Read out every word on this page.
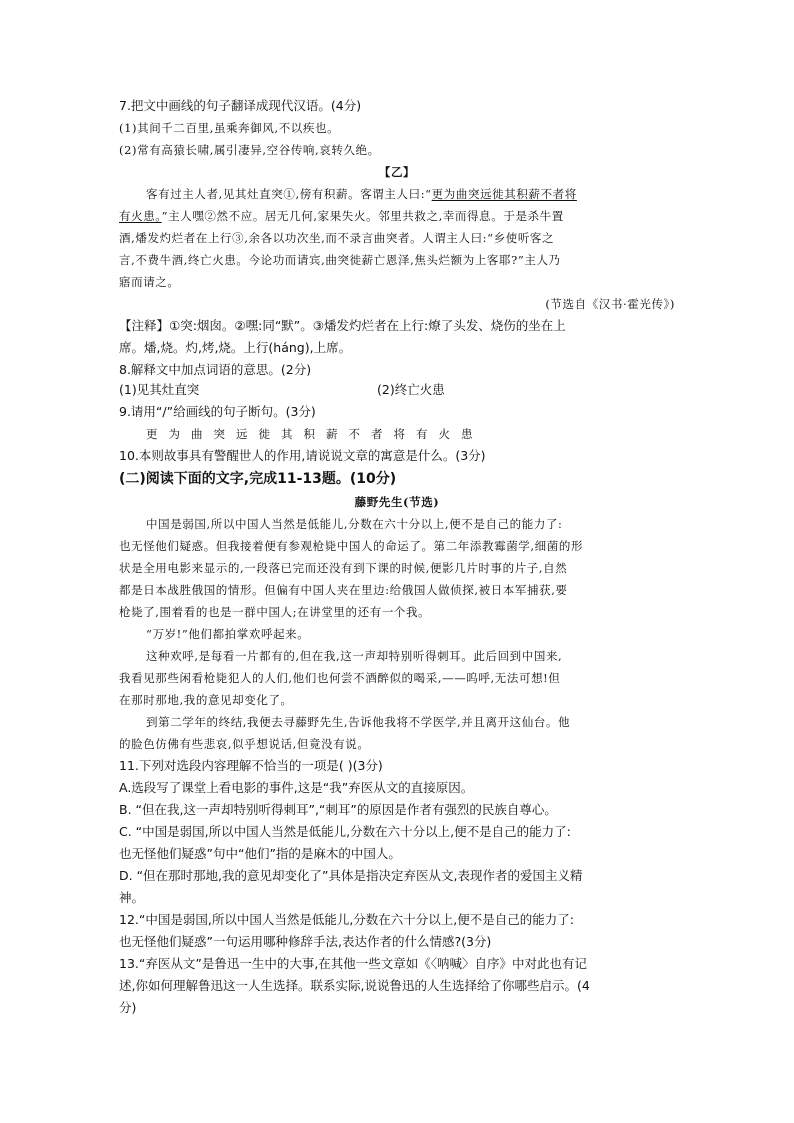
7.把文中画线的句子翻译成现代汉语。(4分)
(1)其间千二百里,虽乘奔御风,不以疾也。
(2)常有高猿长啸,属引凄异,空谷传响,哀转久绝。
【乙】
客有过主人者,见其灶直突①,傍有积薪。客谓主人曰:“更为曲突远徙其积薪不者将
有火患。”主人嘿②然不应。居无几何,家果失火。邻里共救之,幸而得息。于是杀牛置
酒,燔发灼烂者在上行③,余各以功次坐,而不录言曲突者。人谓主人曰:“乡使听客之
言,不费牛酒,终亡火患。今论功而请宾,曲突徙薪亡恩泽,焦头烂额为上客耶?”主人乃
寤而请之。
(节选自《汉书·霍光传》)
【注释】①突:烟囱。②嘿:同“默”。③燔发灼烂者在上行:燎了头发、烧伤的坐在上
席。燔,烧。灼,烤,烧。上行(háng),上席。
8.解释文中加点词语的意思。(2分)
(1)见其灶直突	(2)终亡火患
9.请用“/”给画线的句子断句。(3分)
更为曲突远徙其积薪不者将有火患
10.本则故事具有警醒世人的作用,请说说文章的寓意是什么。(3分)
(二)阅读下面的文字,完成11-13题。(10分)
藤野先生(节选)
中国是弱国,所以中国人当然是低能儿,分数在六十分以上,便不是自己的能力了:
也无怪他们疑惑。但我接着便有参观枪毙中国人的命运了。第二年添教霉菌学,细菌的形
状是全用电影来显示的,一段落已完而还没有到下课的时候,便影几片时事的片子,自然
都是日本战胜俄国的情形。但偏有中国人夹在里边:给俄国人做侦探,被日本军捕获,要
枪毙了,围着看的也是一群中国人;在讲堂里的还有一个我。
“万岁!”他们都拍掌欢呼起来。
这种欢呼,是每看一片都有的,但在我,这一声却特别听得刺耳。此后回到中国来,
我看见那些闲看枪毙犯人的人们,他们也何尝不酒醉似的喝采,——呜呼,无法可想!但
在那时那地,我的意见却变化了。
到第二学年的终结,我便去寻藤野先生,告诉他我将不学医学,并且离开这仙台。他
的脸色仿佛有些悲哀,似乎想说话,但竟没有说。
11.下列对选段内容理解不恰当的一项是( )(3分)
A.选段写了课堂上看电影的事件,这是“我”弃医从文的直接原因。
B. “但在我,这一声却特别听得刺耳”,“刺耳”的原因是作者有强烈的民族自尊心。
C. “中国是弱国,所以中国人当然是低能儿,分数在六十分以上,便不是自己的能力了:
也无怪他们疑惑”句中“他们”指的是麻木的中国人。
D. “但在那时那地,我的意见却变化了”具体是指决定弃医从文,表现作者的爱国主义精
神。
12.“中国是弱国,所以中国人当然是低能儿,分数在六十分以上,便不是自己的能力了:
也无怪他们疑惑”一句运用哪种修辞手法,表达作者的什么情感?(3分)
13.“弃医从文”是鲁迅一生中的大事,在其他一些文章如《〈呐喊〉自序》中对此也有记
述,你如何理解鲁迅这一人生选择。联系实际,说说鲁迅的人生选择给了你哪些启示。(4
分)
